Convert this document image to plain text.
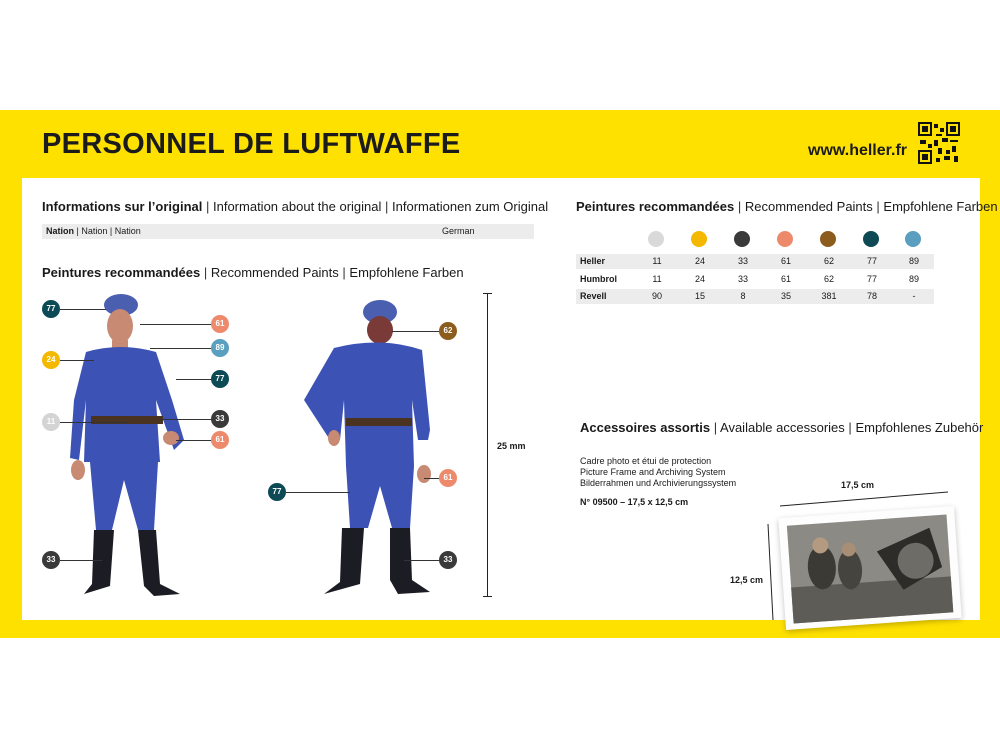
PERSONNEL DE LUFTWAFFE	www.heller.fr
Informations sur l’original | Information about the original | Informationen zum Original
Nation | Nation | Nation	German
Peintures recommandées | Recommended Paints | Empfohlene Farben
77
61
24
89
77
11	33
61
33
62
61
77
33
25 mm
Peintures recommandées | Recommended Paints | Empfohlene Farben
Heller	11	24	33	61	62	77	89
Humbrol	11	24	33	61	62	77	89
Revell	90	15	8	35	381	78	-
Accessoires assortis | Available accessories | Empfohlenes Zubehör
Cadre photo et étui de protection
Picture Frame and Archiving System
Bilderrahmen und Archivierungssystem
N° 09500 – 17,5 x 12,5 cm
17,5 cm
12,5 cm
